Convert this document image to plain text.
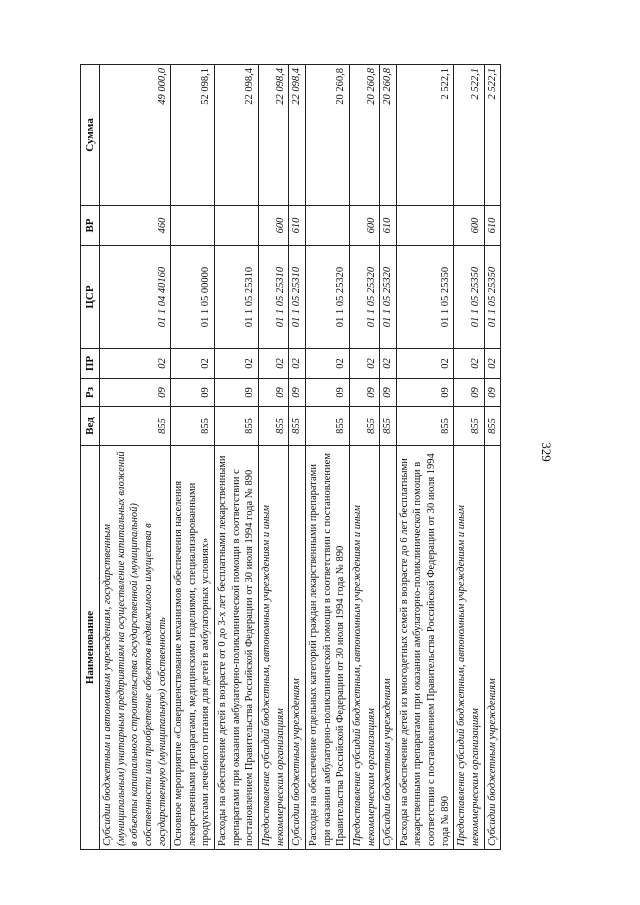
329
Наименование	Вед	Рз	ПР	ЦСР	ВР	Сумма
Субсидии бюджетным и автономным учреждениям, государственным (муниципальным) унитарным предприятиям на осуществление капитальных вложений в объекты капитального строительства государственной (муниципальной) собственности или приобретение объектов недвижимого имущества в государственную (муниципальную) собственность	855	09	02	01 1 04 40160	460	49 000,0
Основное мероприятие «Совершенствование механизмов обеспечения населения лекарственными препаратами, медицинскими изделиями, специализированными продуктами лечебного питания для детей в амбулаторных условиях»	855	09	02	01 1 05 00000		52 098,1
Расходы на обеспечение детей в возрасте от 0 до 3-х лет бесплатными лекарственными препаратами при оказании амбулаторно-поликлинической помощи в соответствии с постановлением Правительства Российской Федерации от 30 июля 1994 года № 890	855	09	02	01 1 05 25310		22 098,4
Предоставление субсидий бюджетным, автономным учреждениям и иным некоммерческим организациям	855	09	02	01 1 05 25310	600	22 098,4
Субсидии бюджетным учреждениям	855	09	02	01 1 05 25310	610	22 098,4
Расходы на обеспечение отдельных категорий граждан лекарственными препаратами при оказании амбулаторно-поликлинической помощи в соответствии с постановлением Правительства Российской Федерации от 30 июля 1994 года № 890	855	09	02	01 1 05 25320		20 260,8
Предоставление субсидий бюджетным, автономным учреждениям и иным некоммерческим организациям	855	09	02	01 1 05 25320	600	20 260,8
Субсидии бюджетным учреждениям	855	09	02	01 1 05 25320	610	20 260,8
Расходы на обеспечение детей из многодетных семей в возрасте до 6 лет бесплатными лекарственными препаратами при оказании амбулаторно-поликлинической помощи в соответствии с постановлением Правительства Российской Федерации от 30 июля 1994 года № 890	855	09	02	01 1 05 25350		2 522,1
Предоставление субсидий бюджетным, автономным учреждениям и иным некоммерческим организациям	855	09	02	01 1 05 25350	600	2 522,1
Субсидии бюджетным учреждениям	855	09	02	01 1 05 25350	610	2 522,1
